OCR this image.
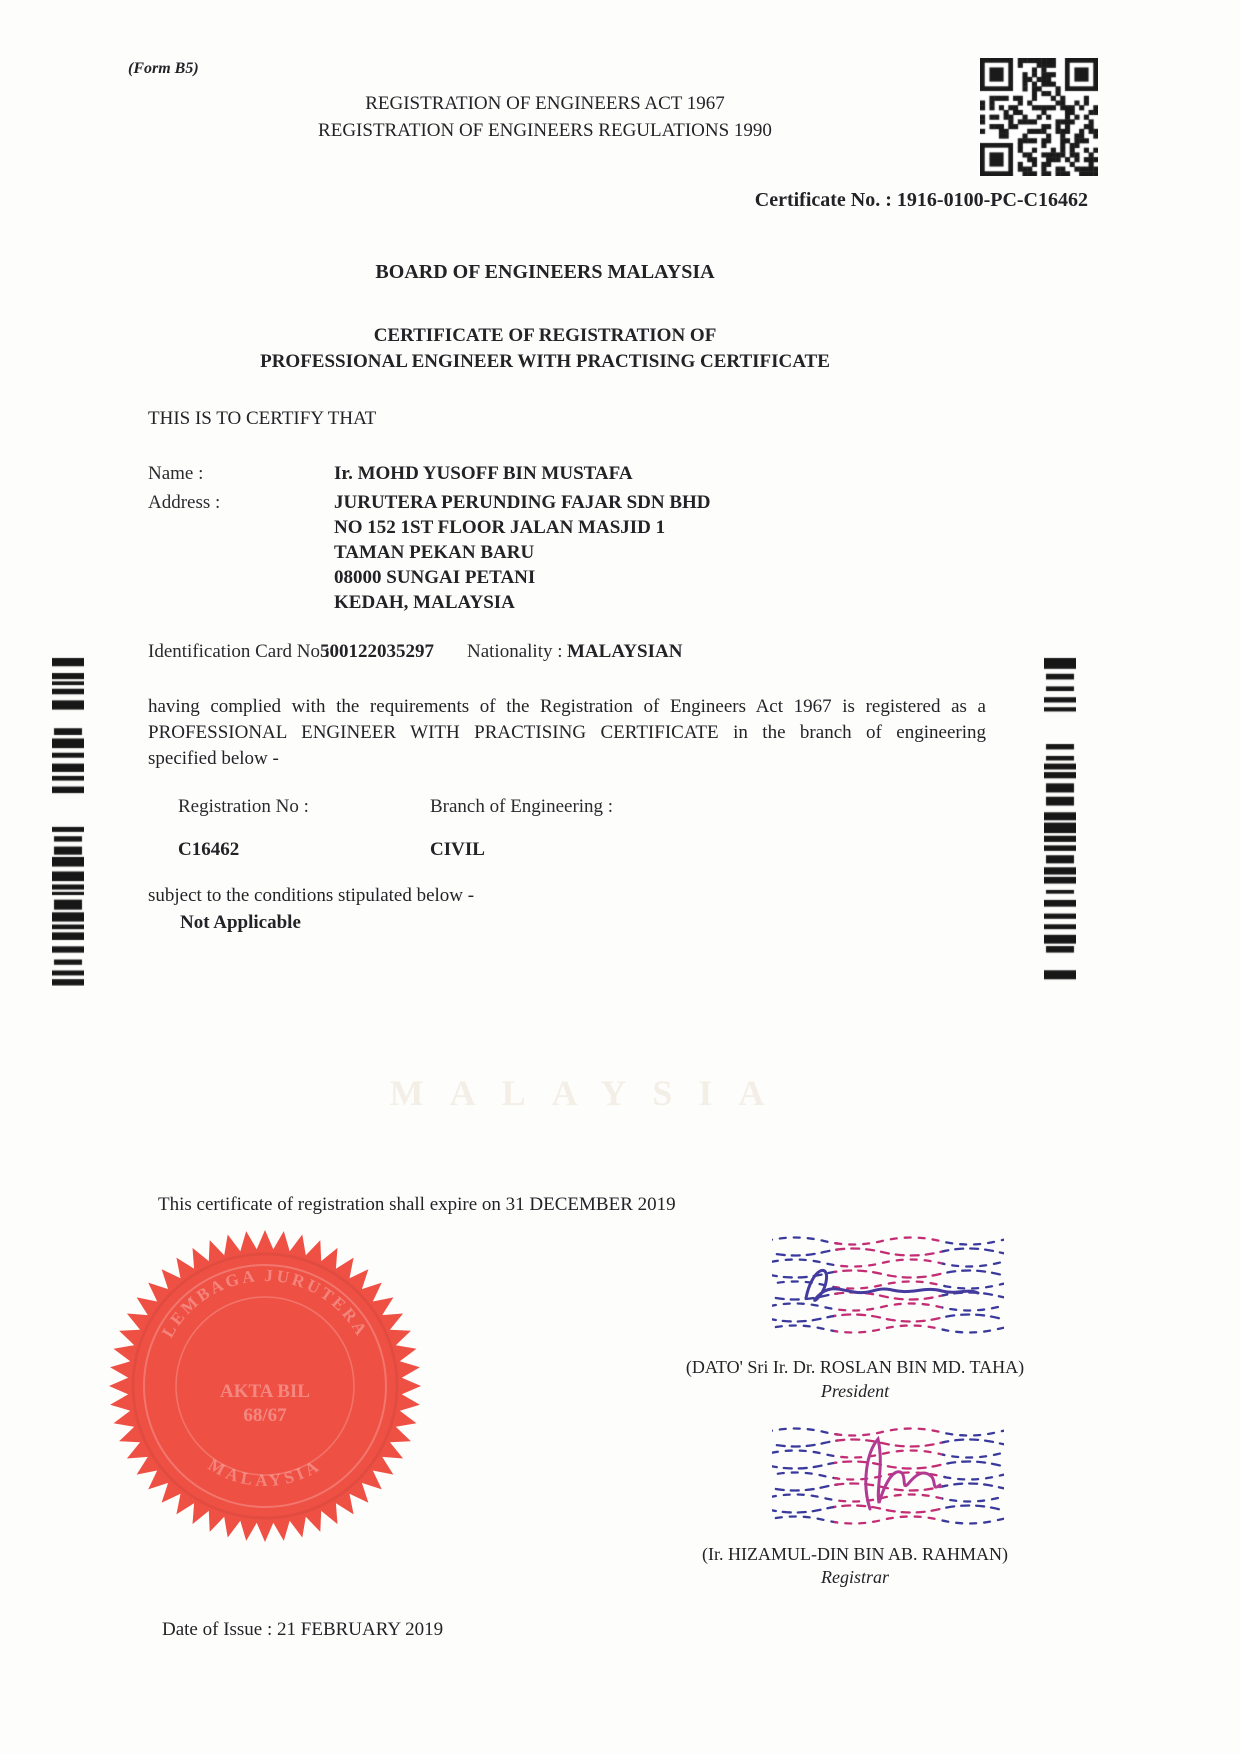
MALAYSIA
(Form B5)
REGISTRATION OF ENGINEERS ACT 1967
REGISTRATION OF ENGINEERS REGULATIONS 1990
Certificate No. : 1916-0100-PC-C16462
BOARD OF ENGINEERS MALAYSIA
CERTIFICATE OF REGISTRATION OF
PROFESSIONAL ENGINEER WITH PRACTISING CERTIFICATE
THIS IS TO CERTIFY THAT
Name :	Ir. MOHD YUSOFF BIN MUSTAFA
Address :	JURUTERA PERUNDING FAJAR SDN BHD
NO 152 1ST FLOOR JALAN MASJID 1
TAMAN PEKAN BARU
08000 SUNGAI PETANI
KEDAH, MALAYSIA
Identification Card No :
500122035297 Nationality : MALAYSIAN
having complied with the requirements of the Registration of Engineers Act 1967 is registered as a
PROFESSIONAL ENGINEER WITH PRACTISING CERTIFICATE in the branch of engineering
specified below -
Registration No :	Branch of Engineering :
C16462	CIVIL
subject to the conditions stipulated below -
Not Applicable
This certificate of registration shall expire on 31 DECEMBER 2019
LEMBAGA JURUTERA
MALAYSIA
AKTA BIL
68/67
(DATO' Sri Ir. Dr. ROSLAN BIN MD. TAHA)
President
(Ir. HIZAMUL-DIN BIN AB. RAHMAN)
Registrar
Date of Issue : 21 FEBRUARY 2019
